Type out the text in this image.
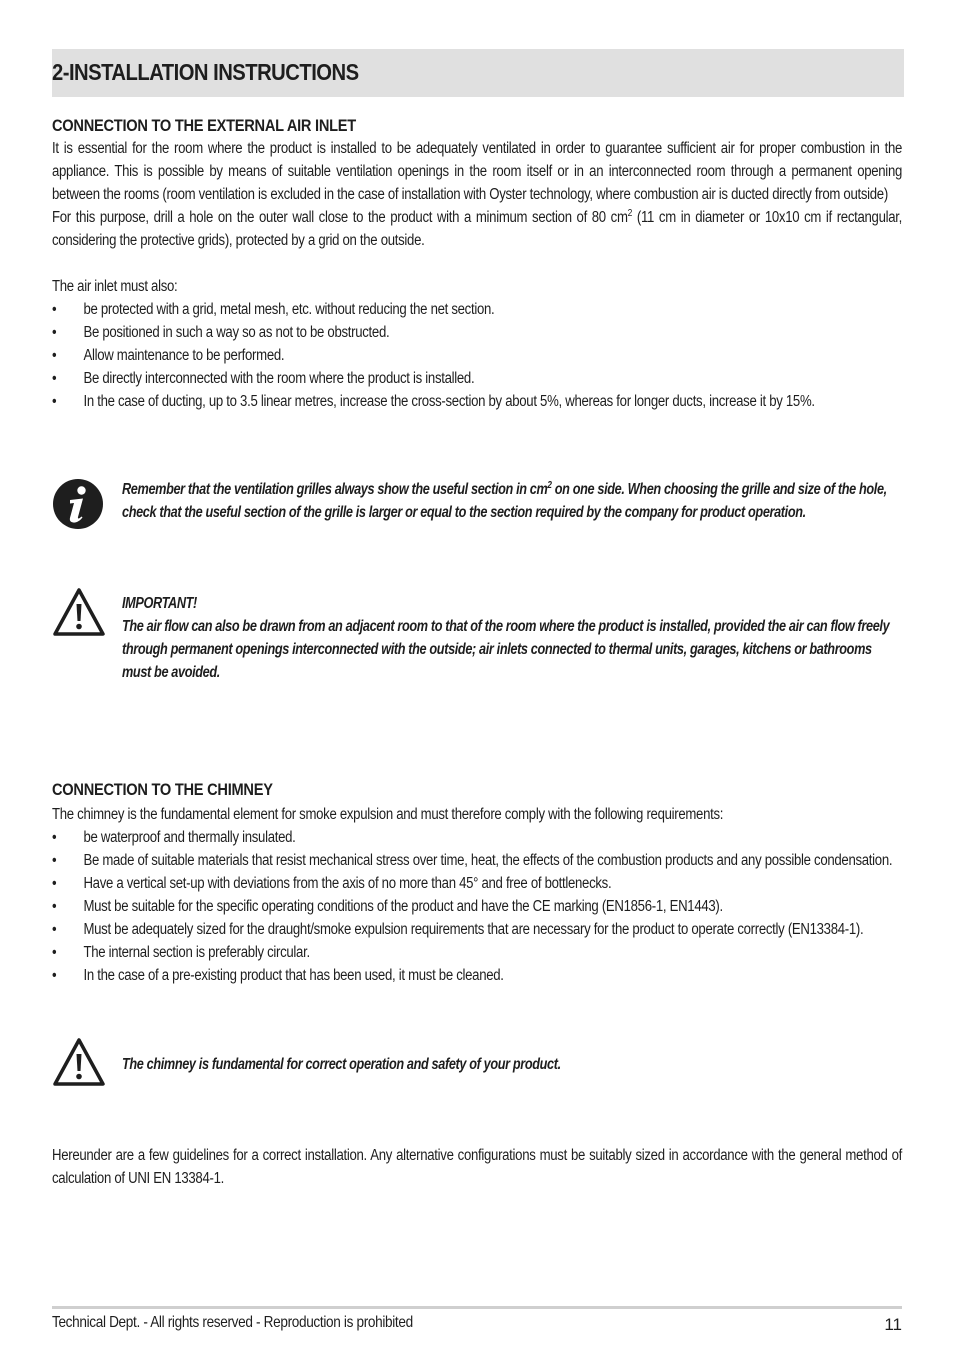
2-INSTALLATION INSTRUCTIONS
CONNECTION TO THE EXTERNAL AIR INLET

It is essential for the room where the product is installed to be adequately ventilated in order to guarantee sufficient air for proper combustion in the appliance. This is possible by means of suitable ventilation openings in the room itself or in an interconnected room through a permanent opening between the rooms (room ventilation is excluded in the case of installation with Oyster technology, where combustion air is ducted directly from outside)

For this purpose, drill a hole on the outer wall close to the product with a minimum section of 80 $cm^2$ (11 cm in diameter or 10x10 cm if rectangular, considering the protective grids), protected by a grid on the outside.

The air inlet must also:

• be protected with a grid, metal mesh, etc. without reducing the net section.
• Be positioned in such a way so as not to be obstructed.
• Allow maintenance to be performed.
• Be directly interconnected with the room where the product is installed.
• In the case of ducting, up to 3.5 linear metres, increase the cross-section by about 5%, whereas for longer ducts, increase it by 15%.
Remember that the ventilation grilles always show the useful section in $cm^2$ on one side. When choosing the grille and size of the hole, check that the useful section of the grille is larger or equal to the section required by the company for product operation.
IMPORTANT!
The air flow can also be drawn from an adjacent room to that of the room where the product is installed, provided the air can flow freely through permanent openings interconnected with the outside; air inlets connected to thermal units, garages, kitchens or bathrooms must be avoided.
CONNECTION TO THE CHIMNEY

The chimney is the fundamental element for smoke expulsion and must therefore comply with the following requirements:

• be waterproof and thermally insulated.
• Be made of suitable materials that resist mechanical stress over time, heat, the effects of the combustion products and any possible condensation.
• Have a vertical set-up with deviations from the axis of no more than 45° and free of bottlenecks.
• Must be suitable for the specific operating conditions of the product and have the CE marking (EN1856-1, EN1443).
• Must be adequately sized for the draught/smoke expulsion requirements that are necessary for the product to operate correctly (EN13384-1).
• The internal section is preferably circular.
• In the case of a pre-existing product that has been used, it must be cleaned.
The chimney is fundamental for correct operation and safety of your product.

Hereunder are a few guidelines for a correct installation. Any alternative configurations must be suitably sized in accordance with the general method of calculation of UNI EN 13384-1.

Technical Dept. - All rights reserved - Reproduction is prohibited	11
